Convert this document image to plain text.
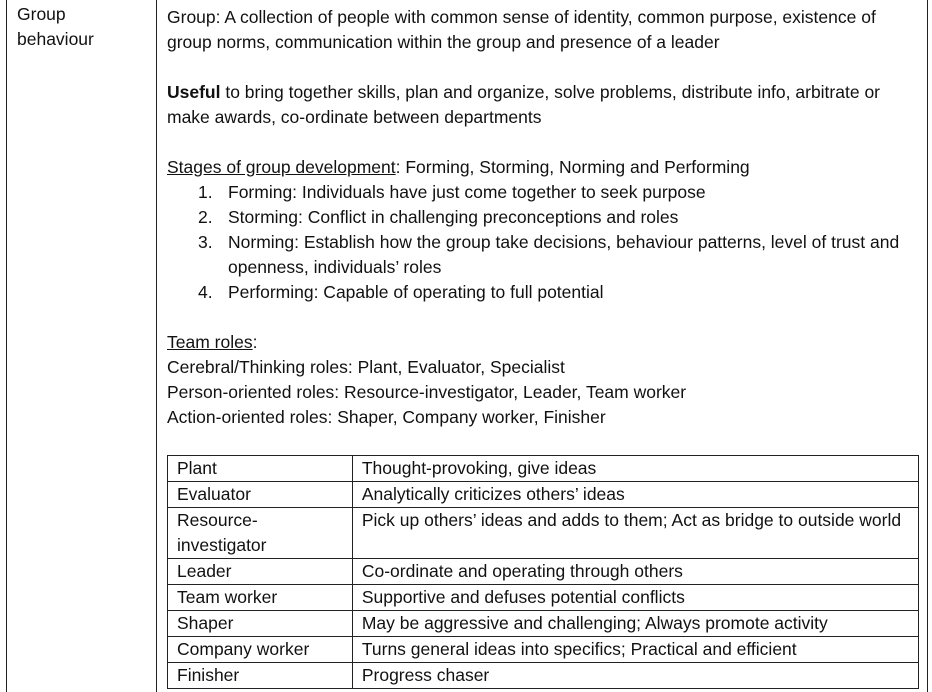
Group
behaviour

Group: A collection of people with common sense of identity, common purpose, existence of group norms, communication within the group and presence of a leader

Useful to bring together skills, plan and organize, solve problems, distribute info, arbitrate or make awards, co-ordinate between departments

Stages of group development: Forming, Storming, Norming and Performing

1. Forming: Individuals have just come together to seek purpose
2. Storming: Conflict in challenging preconceptions and roles
3. Norming: Establish how the group take decisions, behaviour patterns, level of trust and openness, individuals’ roles
4. Performing: Capable of operating to full potential

Team roles:

Cerebral/Thinking roles: Plant, Evaluator, Specialist

Person-oriented roles: Resource-investigator, Leader, Team worker

Action-oriented roles: Shaper, Company worker, Finisher

Plant	Thought-provoking, give ideas
Evaluator	Analytically criticizes others’ ideas
Resource-investigator	Pick up others’ ideas and adds to them; Act as bridge to outside world
Leader	Co-ordinate and operating through others
Team worker	Supportive and defuses potential conflicts
Shaper	May be aggressive and challenging; Always promote activity
Company worker	Turns general ideas into specifics; Practical and efficient
Finisher	Progress chaser
